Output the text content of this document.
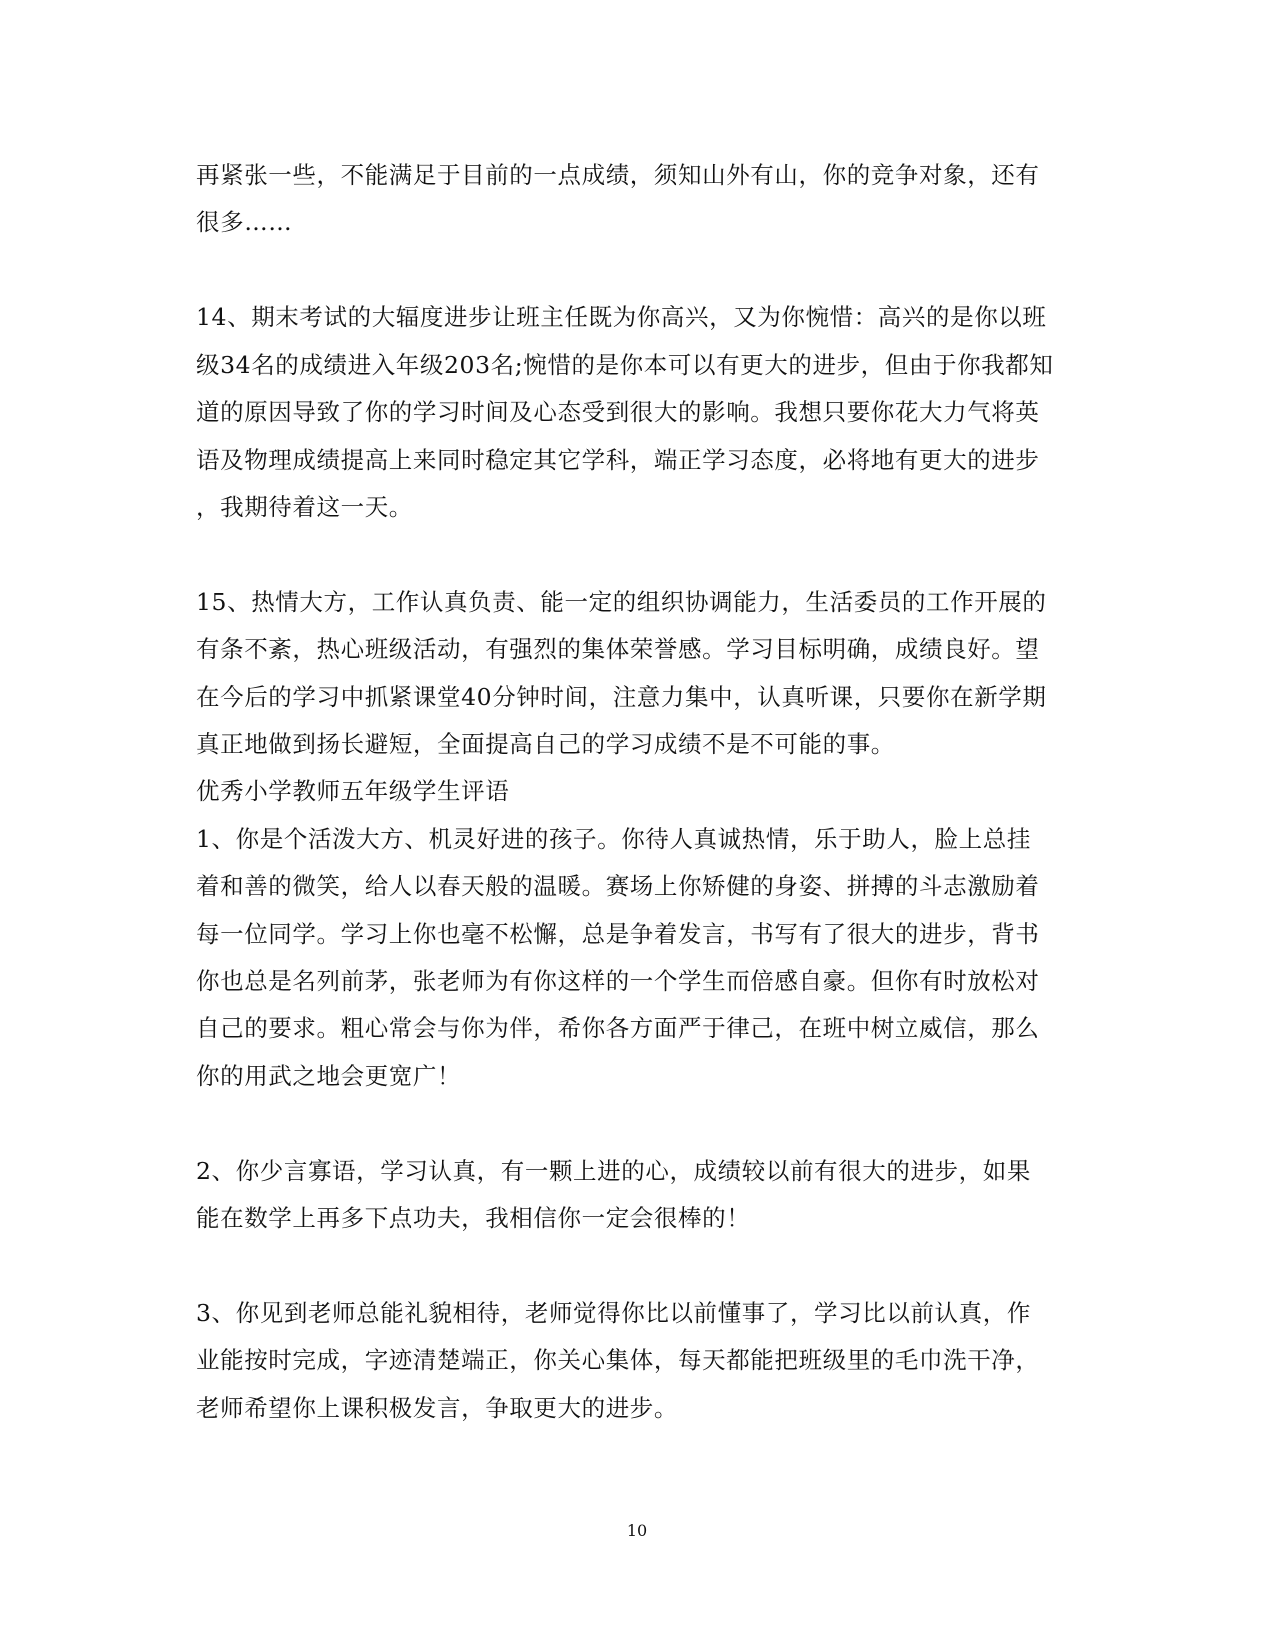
再紧张一些，不能满足于目前的一点成绩，须知山外有山，你的竞争对象，还有
很多……
14、期末考试的大辐度进步让班主任既为你高兴，又为你惋惜：高兴的是你以班
级34名的成绩进入年级203名;惋惜的是你本可以有更大的进步，但由于你我都知
道的原因导致了你的学习时间及心态受到很大的影响。我想只要你花大力气将英
语及物理成绩提高上来同时稳定其它学科，端正学习态度，必将地有更大的进步
，我期待着这一天。
15、热情大方，工作认真负责、能一定的组织协调能力，生活委员的工作开展的
有条不紊，热心班级活动，有强烈的集体荣誉感。学习目标明确，成绩良好。望
在今后的学习中抓紧课堂40分钟时间，注意力集中，认真听课，只要你在新学期
真正地做到扬长避短，全面提高自己的学习成绩不是不可能的事。
优秀小学教师五年级学生评语
1、你是个活泼大方、机灵好进的孩子。你待人真诚热情，乐于助人，脸上总挂
着和善的微笑，给人以春天般的温暖。赛场上你矫健的身姿、拼搏的斗志激励着
每一位同学。学习上你也毫不松懈，总是争着发言，书写有了很大的进步，背书
你也总是名列前茅，张老师为有你这样的一个学生而倍感自豪。但你有时放松对
自己的要求。粗心常会与你为伴，希你各方面严于律己，在班中树立威信，那么
你的用武之地会更宽广！
2、你少言寡语，学习认真，有一颗上进的心，成绩较以前有很大的进步，如果
能在数学上再多下点功夫，我相信你一定会很棒的！
3、你见到老师总能礼貌相待，老师觉得你比以前懂事了，学习比以前认真，作
业能按时完成，字迹清楚端正，你关心集体，每天都能把班级里的毛巾洗干净，
老师希望你上课积极发言，争取更大的进步。
10
